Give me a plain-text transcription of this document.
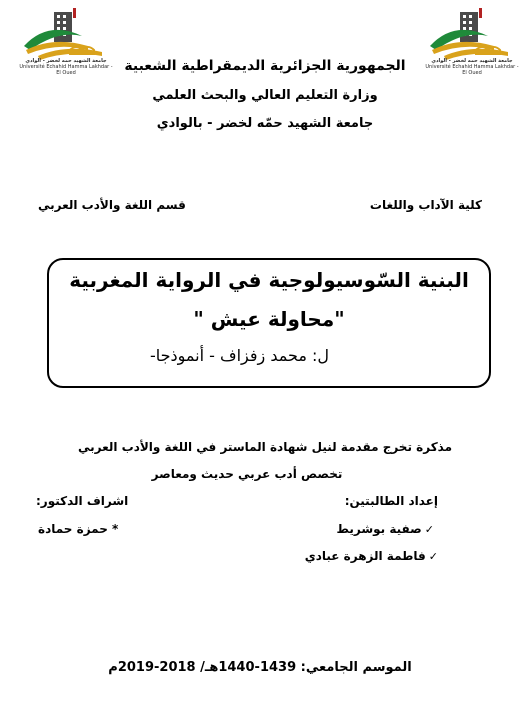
جامعة الشهيد حمه لخضر - الوادي
Université Echahid Hamma Lakhdar - El Oued
جامعة الشهيد حمه لخضر - الوادي
Université Echahid Hamma Lakhdar - El Oued
الجمهورية الجزائرية الديمقراطية الشعبية
وزارة التعليم العالي والبحث العلمي
جامعة الشهيد حمّه لخضر - بالوادي
كلية الآداب واللغات
قسم اللغة والأدب العربي
البنية السّوسيولوجية في الرواية المغربية
"محاولة عيش "
ل: محمد زفزاف - أنموذجا-
مذكرة تخرج مقدمة لنيل شهادة الماستر في اللغة والأدب العربي
تخصص أدب عربي حديث ومعاصر
إعداد الطالبتين:
✓صفية بوشريط
✓فاطمة الزهرة عبادي
اشراف الدكتور:
* حمزة حمادة
الموسم الجامعي: 1439-1440هـ/ 2018-2019م
